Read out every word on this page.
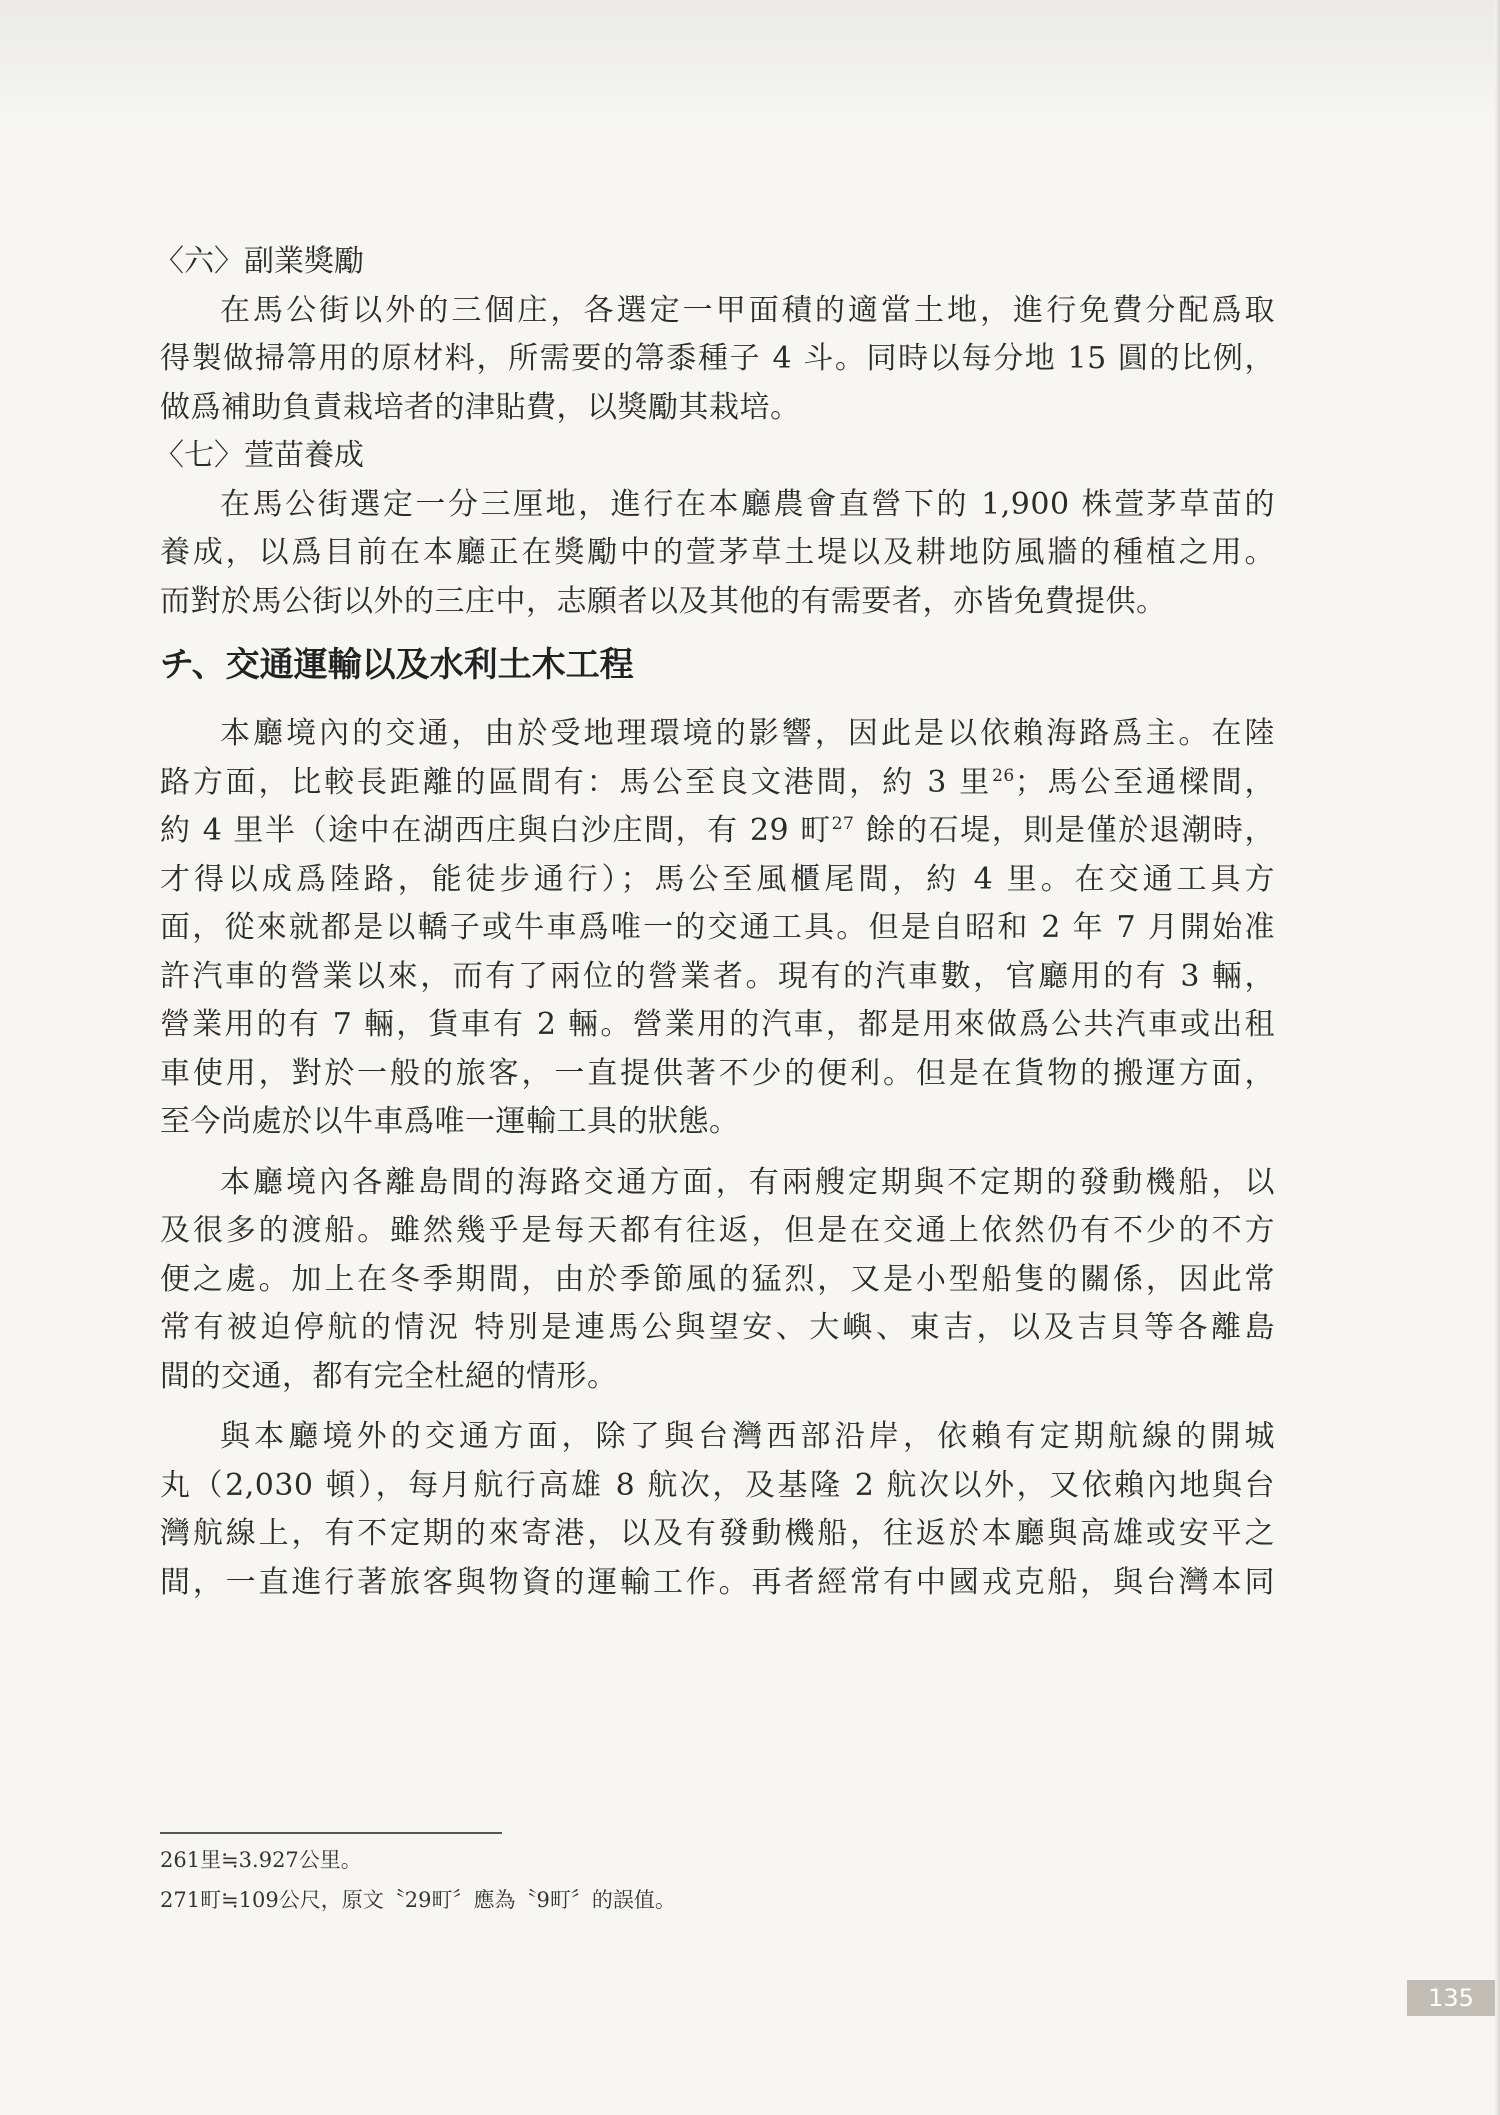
〈六〉副業獎勵

在馬公街以外的三個庄，各選定一甲面積的適當土地，進行免費分配爲取

得製做掃箒用的原材料，所需要的箒黍種子 4 斗。同時以每分地 15 圓的比例，

做爲補助負責栽培者的津貼費，以獎勵其栽培。

〈七〉萱苗養成

在馬公街選定一分三厘地，進行在本廳農會直營下的 1,900 株萱茅草苗的

養成，以爲目前在本廳正在獎勵中的萱茅草土堤以及耕地防風牆的種植之用。

而對於馬公街以外的三庄中，志願者以及其他的有需要者，亦皆免費提供。

チ、交通運輸以及水利土木工程

本廳境內的交通，由於受地理環境的影響，因此是以依賴海路爲主。在陸

路方面，比較長距離的區間有：馬公至良文港間，約 3 里$^{26}$；馬公至通樑間，

約 4 里半（途中在湖西庄與白沙庄間，有 29 町$^{27}$ 餘的石堤，則是僅於退潮時，

才得以成爲陸路，能徒步通行）；馬公至風櫃尾間，約 4 里。在交通工具方

面，從來就都是以轎子或牛車爲唯一的交通工具。但是自昭和 2 年 7 月開始准

許汽車的營業以來，而有了兩位的營業者。現有的汽車數，官廳用的有 3 輛，

營業用的有 7 輛，貨車有 2 輛。營業用的汽車，都是用來做爲公共汽車或出租

車使用，對於一般的旅客，一直提供著不少的便利。但是在貨物的搬運方面，

至今尚處於以牛車爲唯一運輸工具的狀態。

本廳境內各離島間的海路交通方面，有兩艘定期與不定期的發動機船，以

及很多的渡船。雖然幾乎是每天都有往返，但是在交通上依然仍有不少的不方

便之處。加上在冬季期間，由於季節風的猛烈，又是小型船隻的關係，因此常

常有被迫停航的情況 特別是連馬公與望安、大嶼、東吉，以及吉貝等各離島

間的交通，都有完全杜絕的情形。

與本廳境外的交通方面，除了與台灣西部沿岸，依賴有定期航線的開城

丸（2,030 頓），每月航行高雄 8 航次，及基隆 2 航次以外，又依賴內地與台

灣航線上，有不定期的來寄港，以及有發動機船，往返於本廳與高雄或安平之

間，一直進行著旅客與物資的運輸工作。再者經常有中國戎克船，與台灣本同

261里≒3.927公里。
271町≒109公尺，原文〝29町〞應為〝9町〞的誤值。
135
